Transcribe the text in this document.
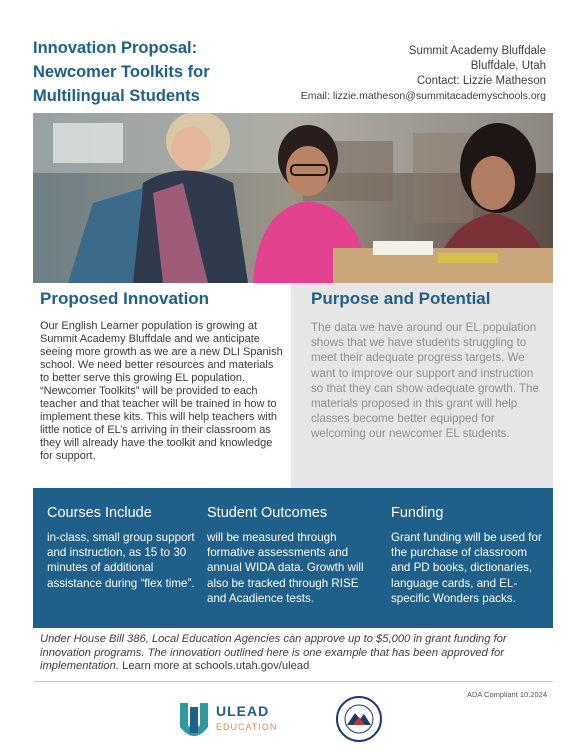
Innovation Proposal:
Newcomer Toolkits for
Multilingual Students
Summit Academy Bluffdale
Bluffdale, Utah
Contact: Lizzie Matheson
Email: lizzie.matheson@summitacademyschools.org
Proposed Innovation

Our English Learner population is growing at Summit Academy Bluffdale and we anticipate seeing more growth as we are a new DLI Spanish school. We need better resources and materials to better serve this growing EL population. “Newcomer Toolkits” will be provided to each teacher and that teacher will be trained in how to implement these kits. This will help teachers with little notice of EL’s arriving in their classroom as they will already have the toolkit and knowledge for support.

Purpose and Potential

The data we have around our EL population shows that we have students struggling to meet their adequate progress targets. We want to improve our support and instruction so that they can show adequate growth. The materials proposed in this grant will help classes become better equipped for welcoming our newcomer EL students.

Courses Include

in-class, small group support and instruction, as 15 to 30 minutes of additional assistance during “flex time”.

Student Outcomes

will be measured through formative assessments and annual WIDA data. Growth will also be tracked through RISE and Acadience tests.

Funding

Grant funding will be used for the purchase of classroom and PD books, dictionaries, language cards, and EL-specific Wonders packs.

Under House Bill 386, Local Education Agencies can approve up to $5,000 in grant funding for innovation programs. The innovation outlined here is one example that has been approved for implementation. Learn more at schools.utah.gov/ulead
ADA Compliant 10.2024
ULEAD
EDUCATION
